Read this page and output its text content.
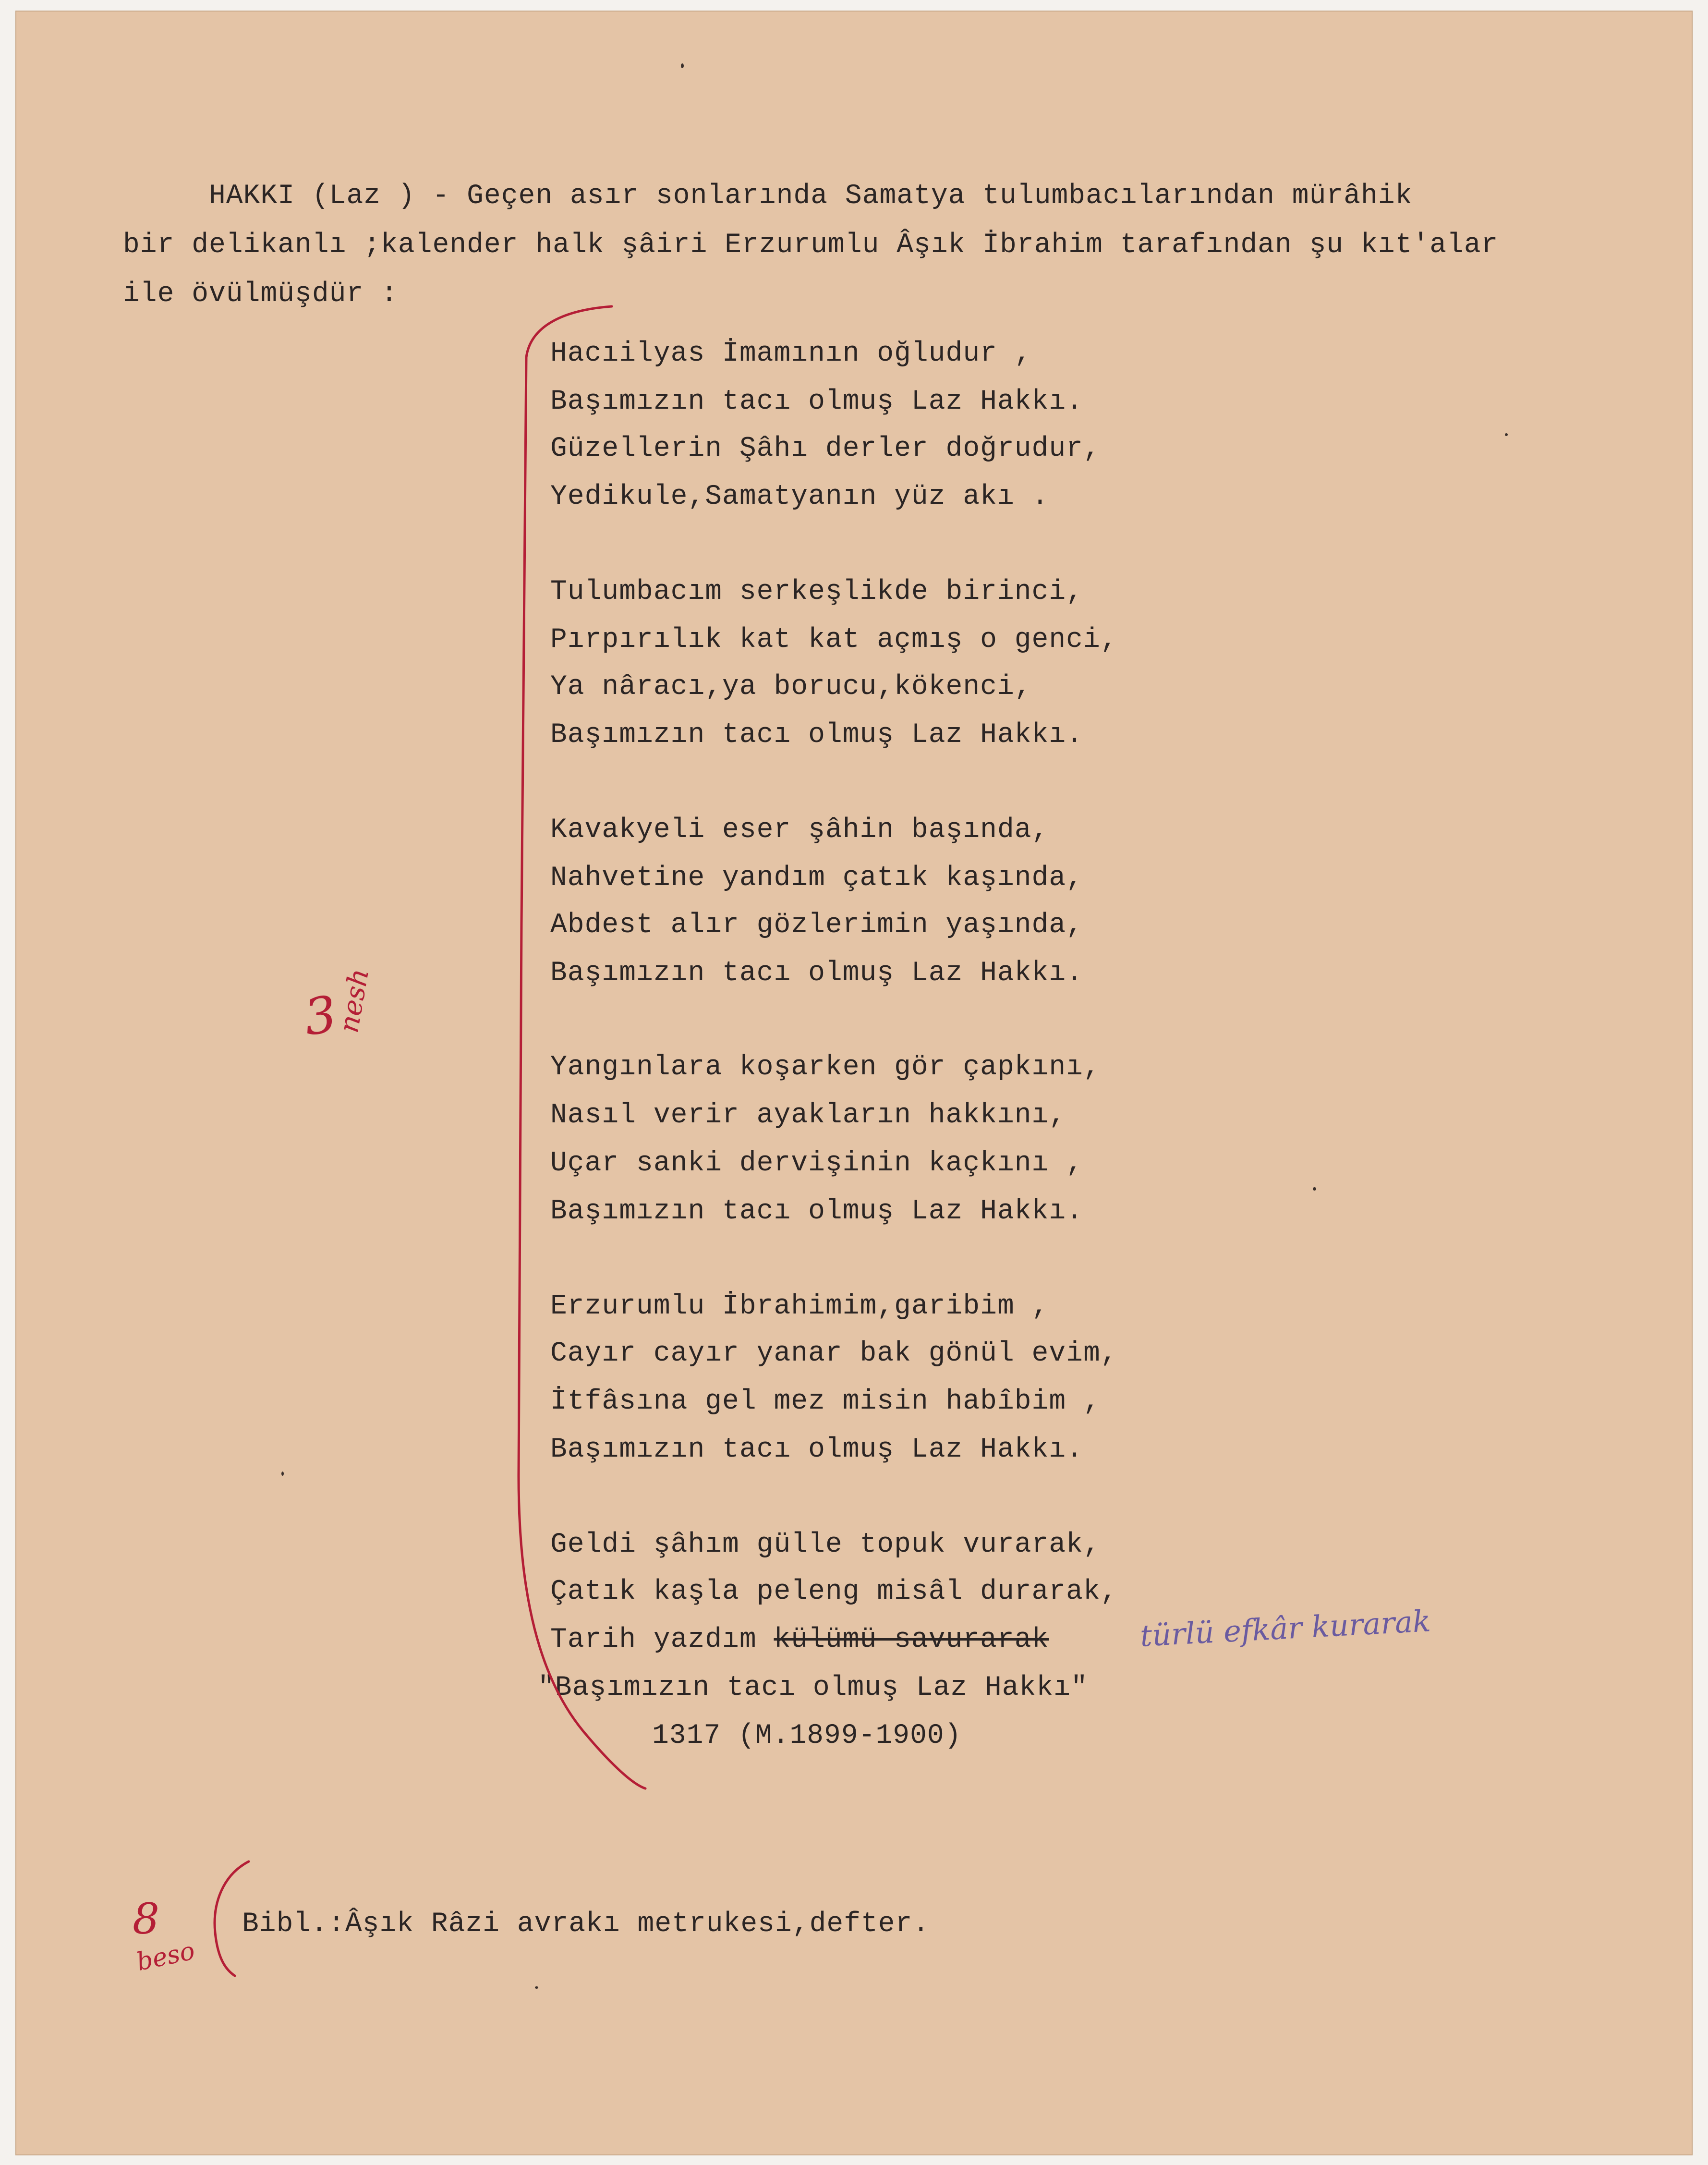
HAKKI (Laz ) - Geçen asır sonlarında Samatya tulumbacılarından mürâhik
bir delikanlı ;kalender halk şâiri Erzurumlu Âşık İbrahim tarafından şu kıt'alar
ile övülmüşdür :
Hacıilyas İmamının oğludur ,
Başımızın tacı olmuş Laz Hakkı.
Güzellerin Şâhı derler doğrudur,
Yedikule,Samatyanın yüz akı .
Tulumbacım serkeşlikde birinci,
Pırpırılık kat kat açmış o genci,
Ya nâracı,ya borucu,kökenci,
Başımızın tacı olmuş Laz Hakkı.
Kavakyeli eser şâhin başında,
Nahvetine yandım çatık kaşında,
Abdest alır gözlerimin yaşında,
Başımızın tacı olmuş Laz Hakkı.
Yangınlara koşarken gör çapkını,
Nasıl verir ayakların hakkını,
Uçar sanki dervişinin kaçkını ,
Başımızın tacı olmuş Laz Hakkı.
Erzurumlu İbrahimim,garibim ,
Cayır cayır yanar bak gönül evim,
İtfâsına gel mez misin habîbim ,
Başımızın tacı olmuş Laz Hakkı.
Geldi şâhım gülle topuk vurarak,
Çatık kaşla peleng misâl durarak,
Tarih yazdım külümü savurarak	türlü efkâr kurarak
"Başımızın tacı olmuş Laz Hakkı"
1317 (M.1899-1900)
Bibl.:Âşık Râzi avrakı metrukesi,defter.
3
nesh
8
beso
